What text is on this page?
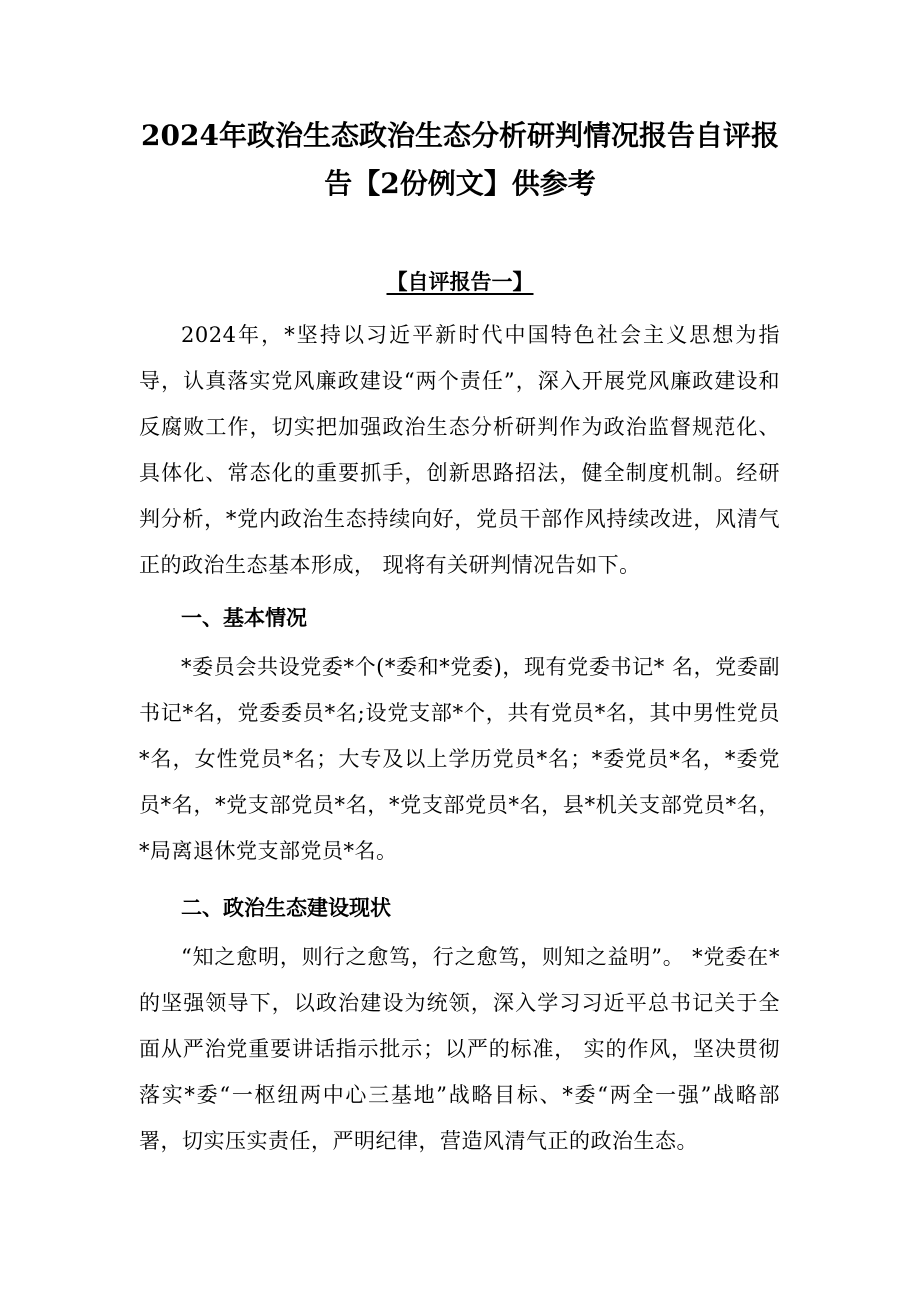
2024年政治生态政治生态分析研判情况报告自评报告【2份例文】供参考
【自评报告一】

2024年，*坚持以习近平新时代中国特色社会主义思想为指导，认真落实党风廉政建设“两个责任”，深入开展党风廉政建设和反腐败工作，切实把加强政治生态分析研判作为政治监督规范化、具体化、常态化的重要抓手，创新思路招法，健全制度机制。经研判分析，*党内政治生态持续向好，党员干部作风持续改进，风清气正的政治生态基本形成， 现将有关研判情况告如下。

一、基本情况

*委员会共设党委*个(*委和*党委)，现有党委书记* 名，党委副书记*名，党委委员*名;设党支部*个，共有党员*名，其中男性党员*名，女性党员*名；大专及以上学历党员*名；*委党员*名，*委党员*名，*党支部党员*名，*党支部党员*名，县*机关支部党员*名，*局离退休党支部党员*名。

二、政治生态建设现状

“知之愈明，则行之愈笃，行之愈笃，则知之益明”。 *党委在*的坚强领导下，以政治建设为统领，深入学习习近平总书记关于全面从严治党重要讲话指示批示；以严的标准， 实的作风，坚决贯彻落实*委“一枢纽两中心三基地”战略目标、*委“两全一强”战略部署，切实压实责任，严明纪律，营造风清气正的政治生态。
